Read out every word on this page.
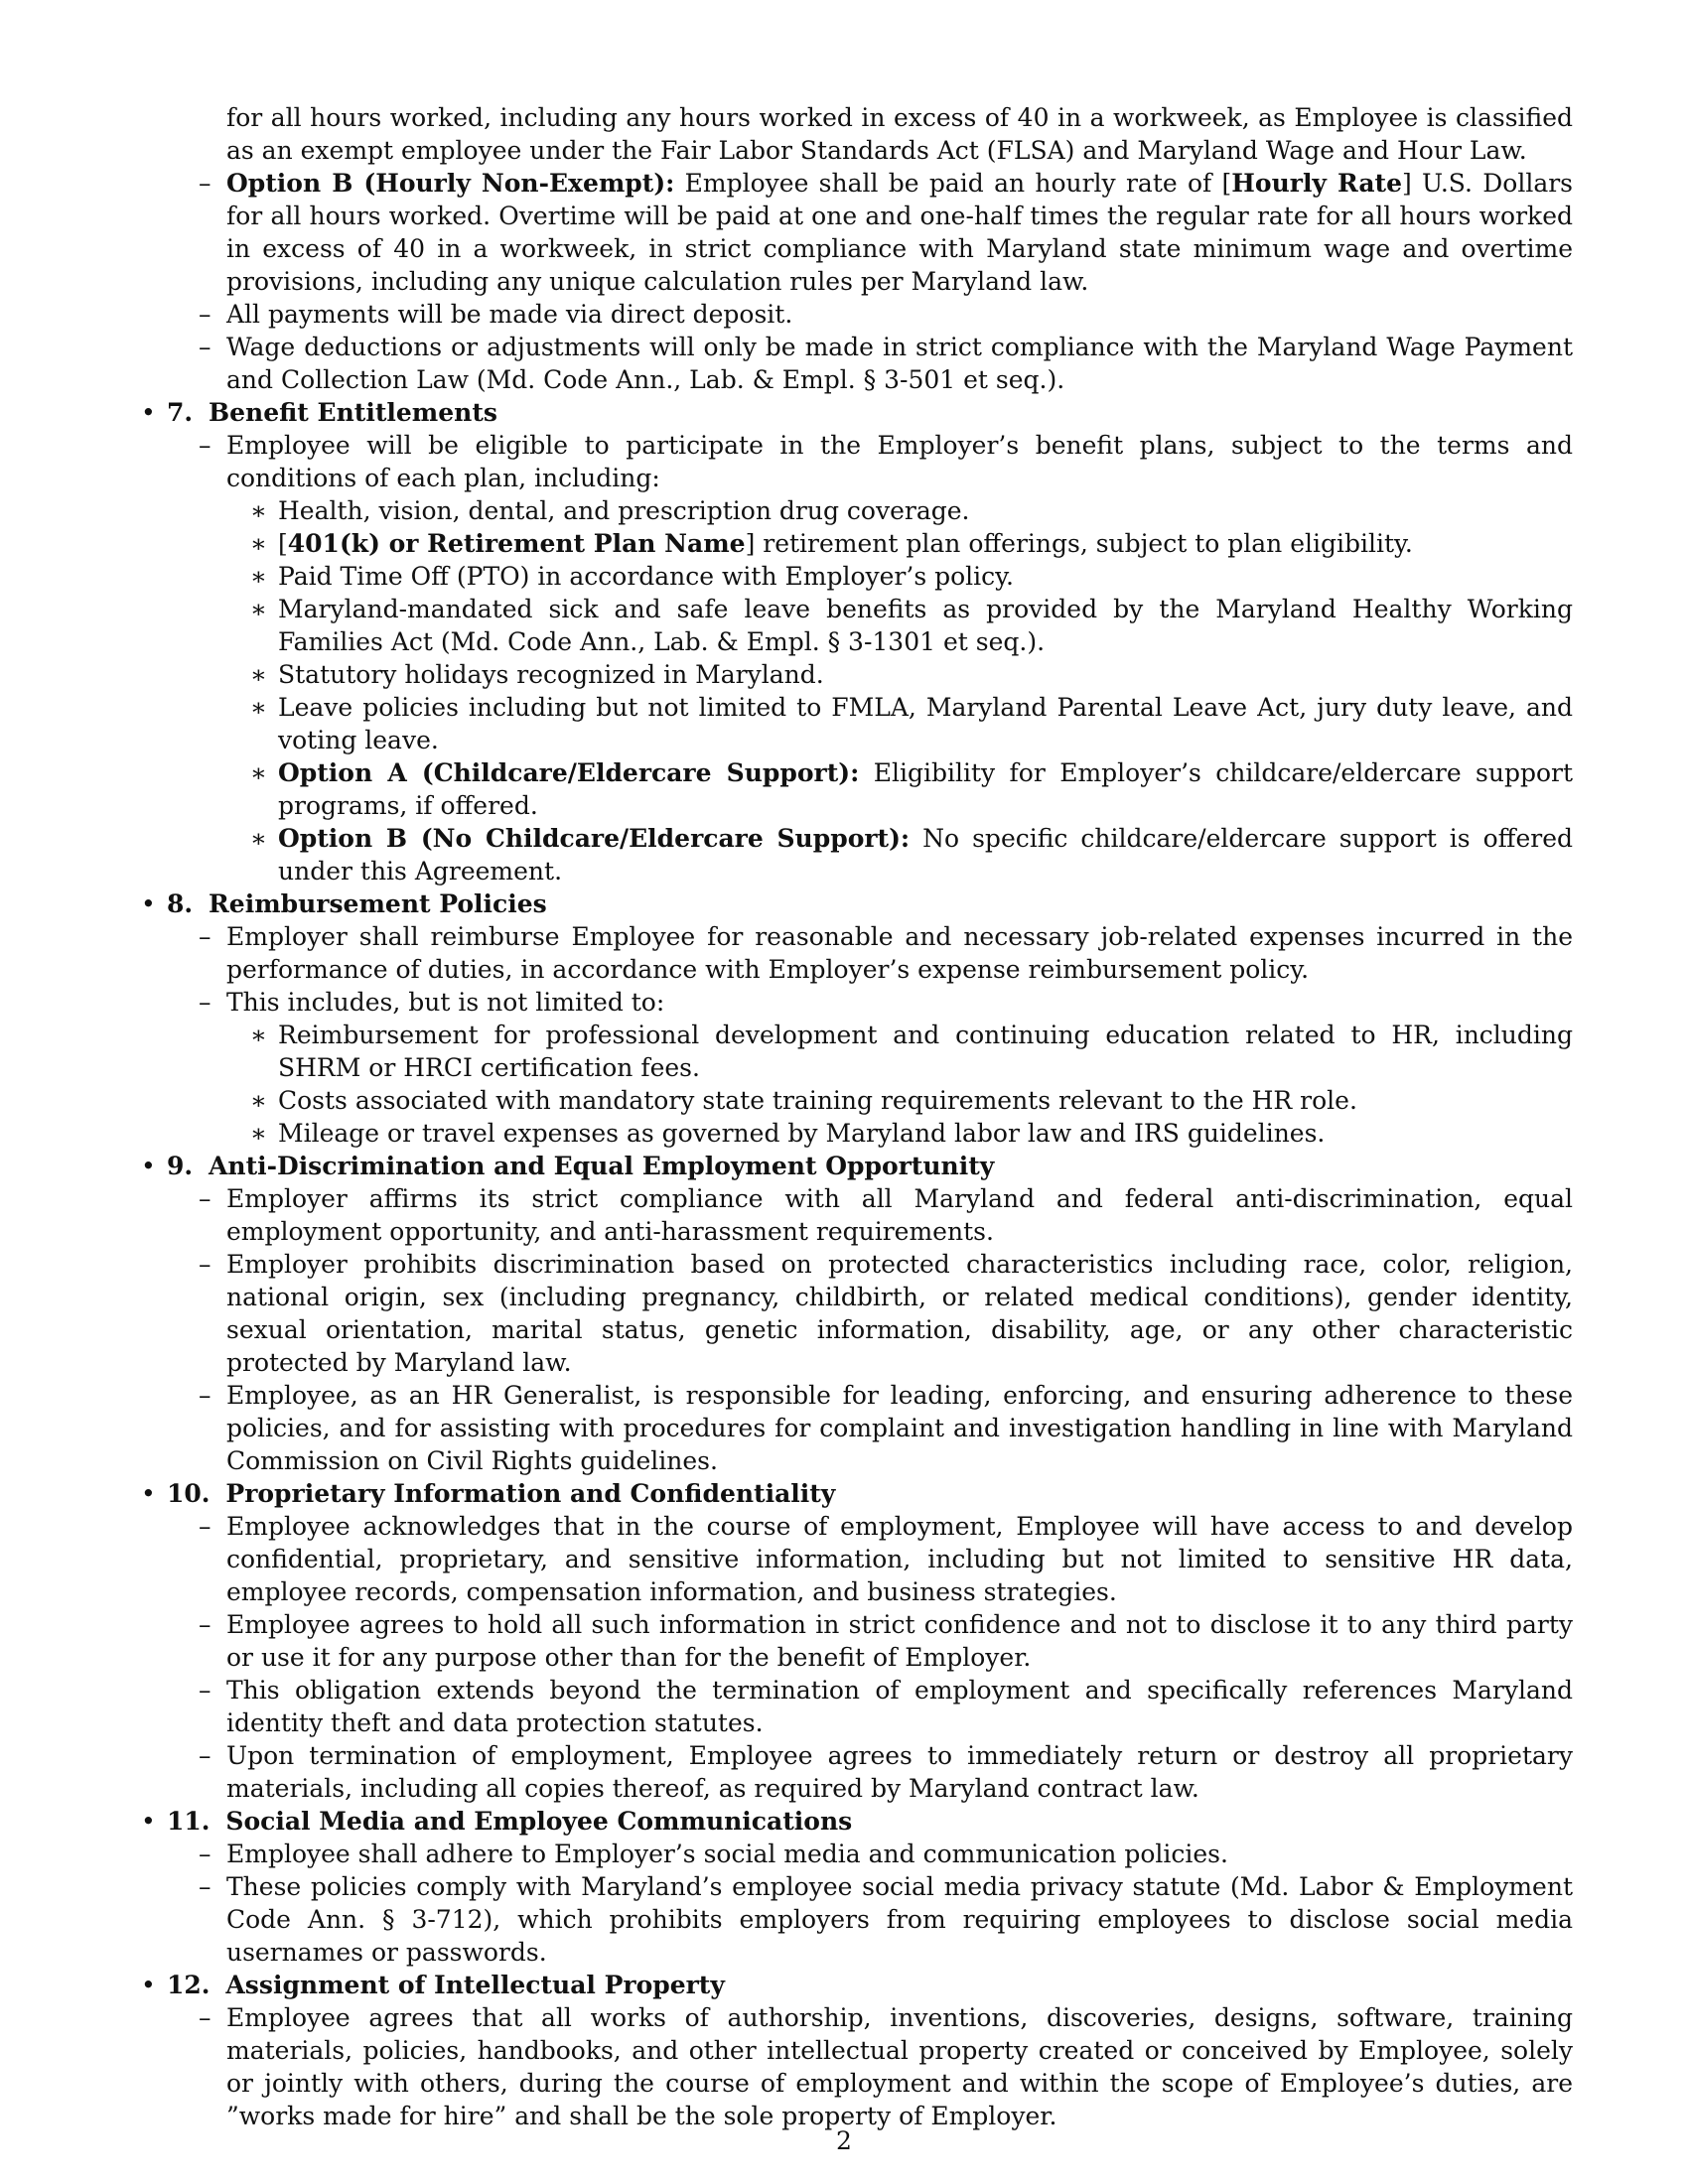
for all hours worked, including any hours worked in excess of 40 in a workweek, as Employee is classified as an exempt employee under the Fair Labor Standards Act (FLSA) and Maryland Wage and Hour Law.
– Option B (Hourly Non-Exempt): Employee shall be paid an hourly rate of [Hourly Rate] U.S. Dollars for all hours worked. Overtime will be paid at one and one-half times the regular rate for all hours worked in excess of 40 in a workweek, in strict compliance with Maryland state minimum wage and overtime provisions, including any unique calculation rules per Maryland law.
– All payments will be made via direct deposit.
– Wage deductions or adjustments will only be made in strict compliance with the Maryland Wage Payment and Collection Law (Md. Code Ann., Lab. & Empl. § 3-501 et seq.).
• 7. Benefit Entitlements
– Employee will be eligible to participate in the Employer’s benefit plans, subject to the terms and conditions of each plan, including:
∗ Health, vision, dental, and prescription drug coverage.
∗ [401(k) or Retirement Plan Name] retirement plan offerings, subject to plan eligibility.
∗ Paid Time Off (PTO) in accordance with Employer’s policy.
∗ Maryland-mandated sick and safe leave benefits as provided by the Maryland Healthy Working Families Act (Md. Code Ann., Lab. & Empl. § 3-1301 et seq.).
∗ Statutory holidays recognized in Maryland.
∗ Leave policies including but not limited to FMLA, Maryland Parental Leave Act, jury duty leave, and voting leave.
∗ Option A (Childcare/Eldercare Support): Eligibility for Employer’s childcare/eldercare support programs, if offered.
∗ Option B (No Childcare/Eldercare Support): No specific childcare/eldercare support is offered under this Agreement.
• 8. Reimbursement Policies
– Employer shall reimburse Employee for reasonable and necessary job-related expenses incurred in the performance of duties, in accordance with Employer’s expense reimbursement policy.
– This includes, but is not limited to:
∗ Reimbursement for professional development and continuing education related to HR, including SHRM or HRCI certification fees.
∗ Costs associated with mandatory state training requirements relevant to the HR role.
∗ Mileage or travel expenses as governed by Maryland labor law and IRS guidelines.
• 9. Anti-Discrimination and Equal Employment Opportunity
– Employer affirms its strict compliance with all Maryland and federal anti-discrimination, equal employment opportunity, and anti-harassment requirements.
– Employer prohibits discrimination based on protected characteristics including race, color, religion, national origin, sex (including pregnancy, childbirth, or related medical conditions), gender identity, sexual orientation, marital status, genetic information, disability, age, or any other characteristic protected by Maryland law.
– Employee, as an HR Generalist, is responsible for leading, enforcing, and ensuring adherence to these policies, and for assisting with procedures for complaint and investigation handling in line with Maryland Commission on Civil Rights guidelines.
• 10. Proprietary Information and Confidentiality
– Employee acknowledges that in the course of employment, Employee will have access to and develop confidential, proprietary, and sensitive information, including but not limited to sensitive HR data, employee records, compensation information, and business strategies.
– Employee agrees to hold all such information in strict confidence and not to disclose it to any third party or use it for any purpose other than for the benefit of Employer.
– This obligation extends beyond the termination of employment and specifically references Maryland identity theft and data protection statutes.
– Upon termination of employment, Employee agrees to immediately return or destroy all proprietary materials, including all copies thereof, as required by Maryland contract law.
• 11. Social Media and Employee Communications
– Employee shall adhere to Employer’s social media and communication policies.
– These policies comply with Maryland’s employee social media privacy statute (Md. Labor & Employment Code Ann. § 3-712), which prohibits employers from requiring employees to disclose social media usernames or passwords.
• 12. Assignment of Intellectual Property
– Employee agrees that all works of authorship, inventions, discoveries, designs, software, training materials, policies, handbooks, and other intellectual property created or conceived by Employee, solely or jointly with others, during the course of employment and within the scope of Employee’s duties, are ”works made for hire” and shall be the sole property of Employer.
2
